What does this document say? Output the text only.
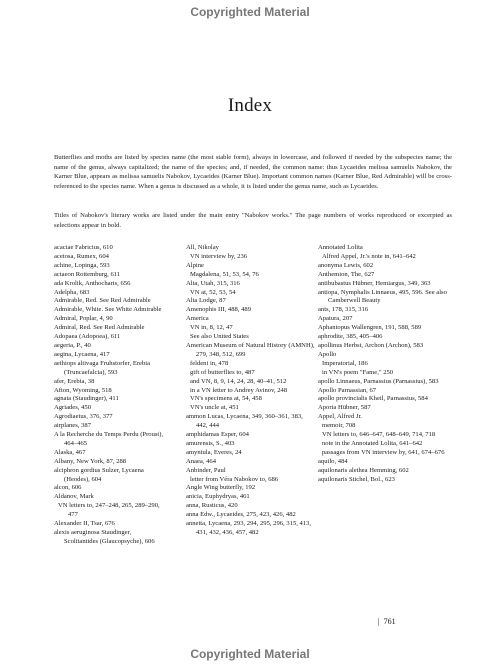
Copyrighted Material
Index

Butterflies and moths are listed by species name (the most stable form), always in lowercase, and followed if needed by the subspecies name; the name of the genus, always capitalized; the name of the species; and, if needed, the common name: thus Lycaeides melissa samuelis Nabokov, the Karner Blue, appears as melissa samuelis Nabokov, Lycaeides (Karner Blue). Important common names (Karner Blue, Red Admirable) will be cross-referenced to the species name. When a genus is discussed as a whole, it is listed under the genus name, such as Lycaeides.

Titles of Nabokov's literary works are listed under the main entry "Nabokov works." The page numbers of works reproduced or excerpted as selections appear in bold.

acaciae Fabricius, 610
acetosa, Rumex, 604
achine, Lopinga, 593
actaeon Rottemburg, 611
ada Krolik, Anthocharis, 656
Adelpha, 683
Admirable, Red. See Red Admirable
Admirable, White. See White Admirable
Admiral, Poplar, 4, 90
Admiral, Red. See Red Admirable
Adopaea (Adopoea), 611
aegeria, P., 40
aegina, Lycaena, 417
aethiops altivaga Fruhstorfer, Erebia (Truncaefalcia), 593
afer, Erebia, 38
Afton, Wyoming, 518
agnata (Staudinger), 411
Agriades, 450
Agrodiaetus, 376, 377
airplanes, 387
A la Recherche du Temps Perdu (Proust), 464–465
Alaska, 467
Albany, New York, 87, 288
alciphron gordius Sulzer, Lycaena (Heodes), 604
alcon, 606
Aldanov, Mark
VN letters to, 247–248, 265, 289–290, 477
Alexander II, Tsar, 676
alexis aeruginosa Staudinger, Scolitantides (Glaucopsyche), 606
All, Nikolay
VN interview by, 236
Alpine
Magdalena, 51, 53, 54, 76
Alta, Utah, 315, 316
VN at, 52, 53, 54
Alta Lodge, 87
Amenophis III, 488, 489
America
VN in, 8, 12, 47
See also United States
American Museum of Natural History (AMNH), 279, 348, 512, 699
feldeni in, 478
gift of butterflies to, 487
and VN, 8, 9, 14, 24, 28, 40–41, 512
in a VN letter to Andrey Avinov, 248
VN's specimens at, 54, 458
VN's uncle at, 451
ammon Lucas, Lycaena, 349, 360–361, 383, 442, 444
amphidamas Esper, 604
amurensis, S., 403
amyntula, Everes, 24
Anaea, 464
Anbinder, Paul
letter from Véra Nabokov to, 686
Angle Wing butterfly, 192
anicia, Euphydryas, 461
anna, Rusticus, 420
anna Edw., Lycaeides, 275, 423, 426, 482
annetta, Lycaena, 293, 294, 295, 296, 315, 413, 431, 432, 436, 457, 482
Annotated Lolita
Alfred Appel, Jr.'s note in, 641–642
anonyma Lewis, 602
Anthemion, The, 627
antibubastus Hübner, Hemiargus, 349, 363
antiopa, Nymphalis Linnaeus, 495, 596. See also Camberwell Beauty
ants, 178, 315, 316
Apatura, 207
Aphantopus Wallengren, 191, 588, 589
aphrodite, 385, 405–406
apollinus Herbst, Archon (Archon), 583
Apollo
Imperatorial, 186
in VN's poem "Fame," 250
apollo Linnaeus, Parnassius (Parnassius), 583
Apollo Parnassian, 67
apollo provincialis Kheil, Parnassius, 584
Aporia Hübner, 587
Appel, Alfred Jr.
memoir, 708
VN letters to, 646–647, 648–649, 714, 718
note in the Annotated Lolita, 641–642
passages from VN interview by, 641, 674–676
aquilo, 484
aquilonaris alethea Hemming, 602
aquilonaris Stichel, Bol., 623
|  761
Copyrighted Material
